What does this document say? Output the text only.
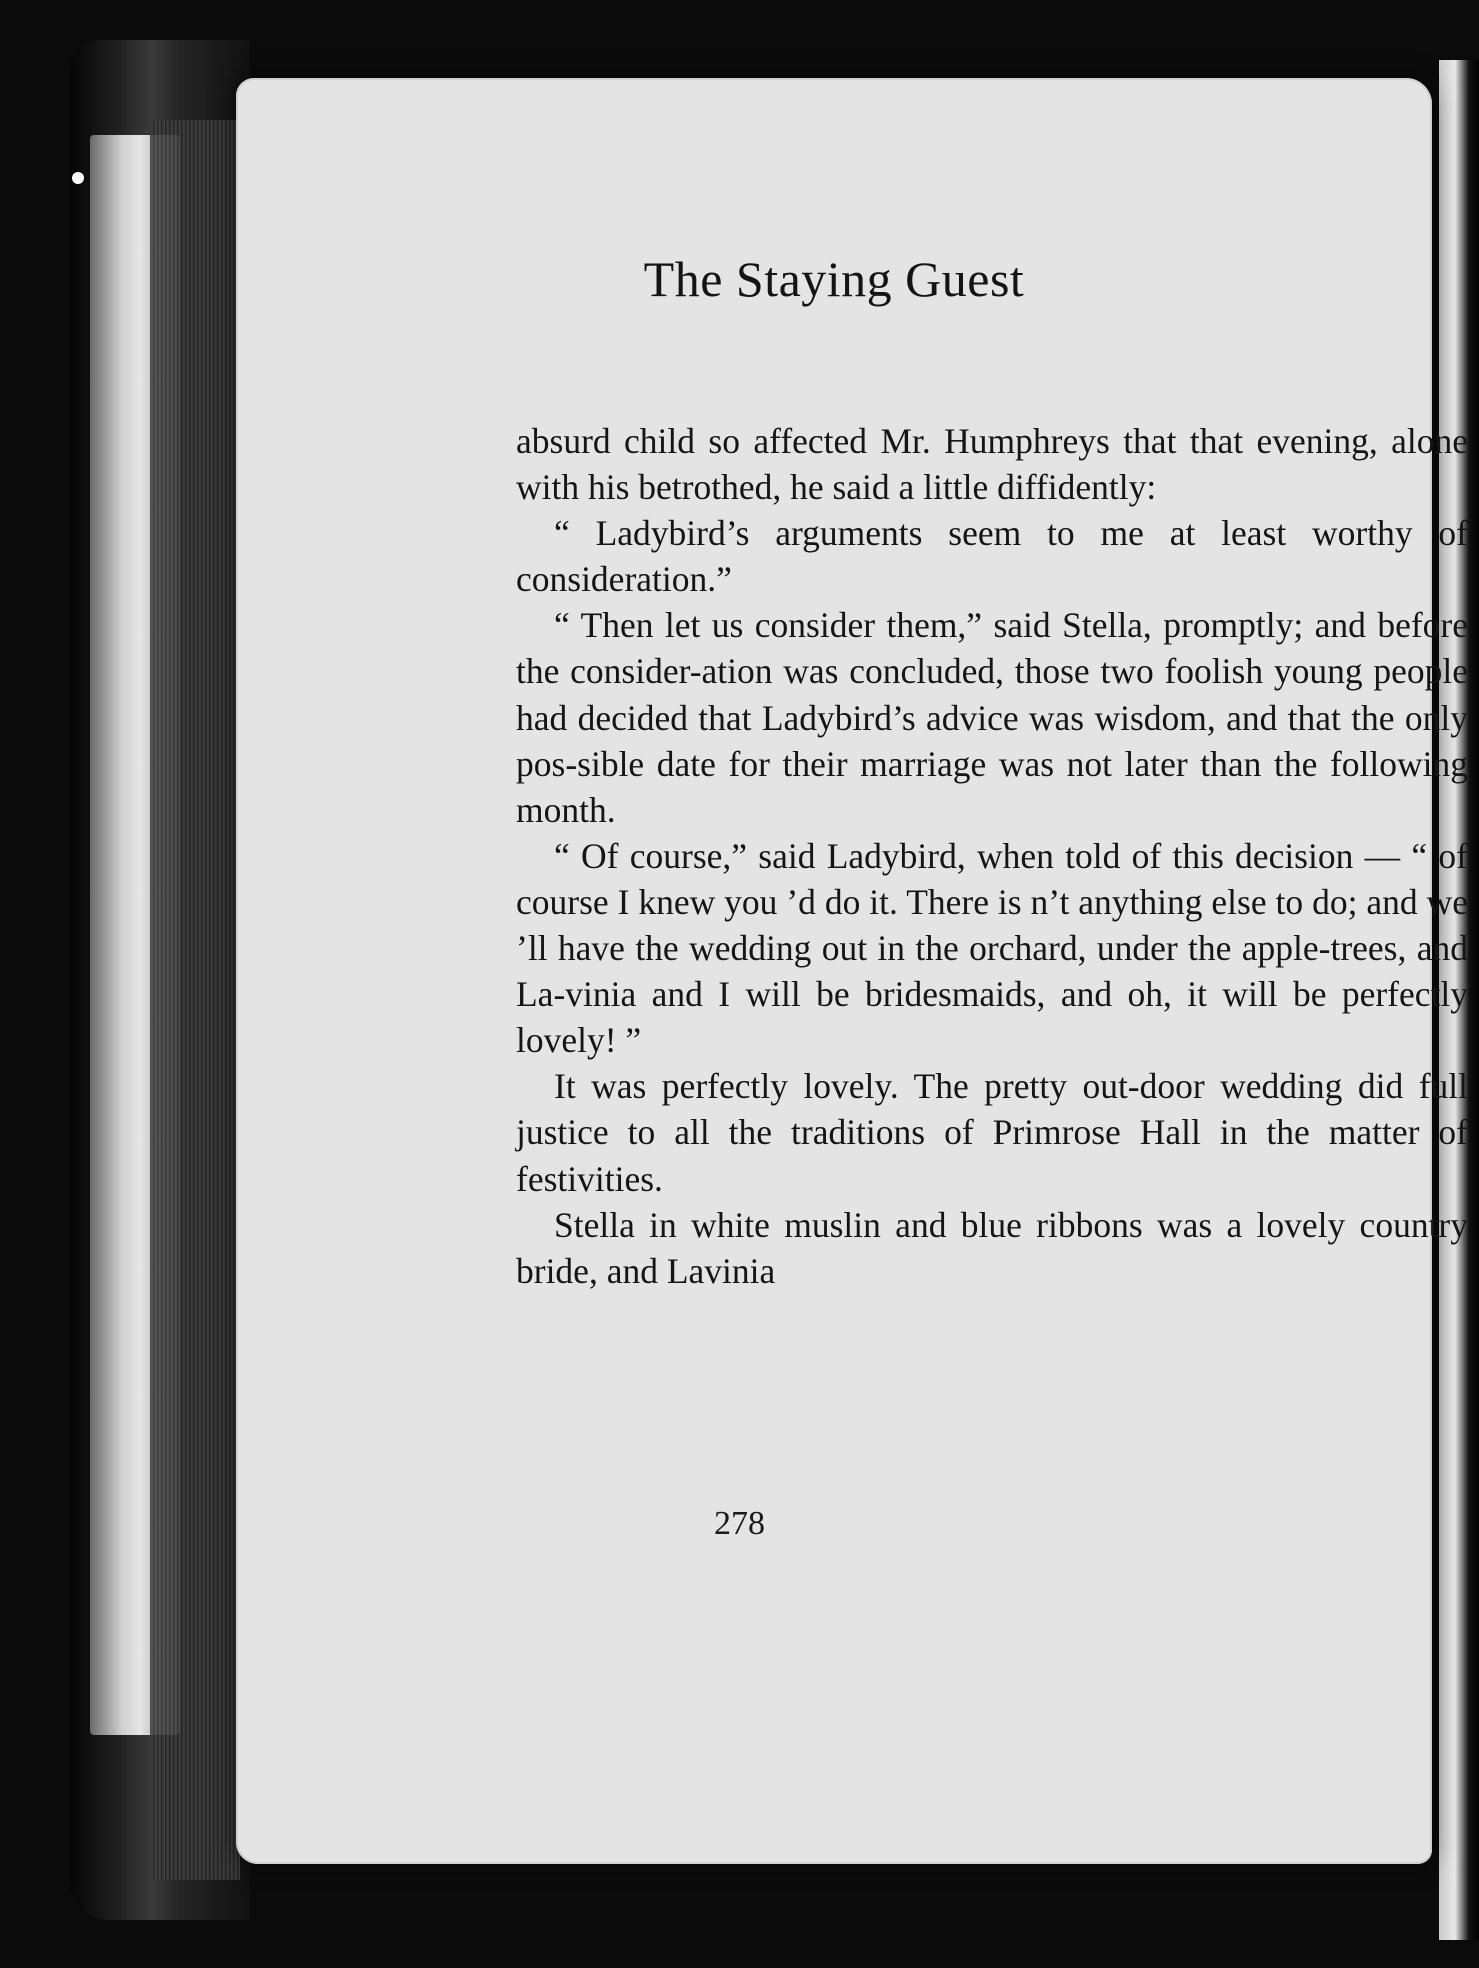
The Staying Guest

absurd child so affected Mr. Humphreys that that evening, alone with his betrothed, he said a little diffidently:

“ Ladybird’s arguments seem to me at least worthy of consideration.”

“ Then let us consider them,” said Stella, promptly; and before the consider-ation was concluded, those two foolish young people had decided that Ladybird’s advice was wisdom, and that the only pos-sible date for their marriage was not later than the following month.

“ Of course,” said Ladybird, when told of this decision — “ of course I knew you ’d do it. There is n’t anything else to do; and we ’ll have the wedding out in the orchard, under the apple-trees, and La-vinia and I will be bridesmaids, and oh, it will be perfectly lovely! ”

It was perfectly lovely. The pretty out-door wedding did full justice to all the traditions of Primrose Hall in the matter of festivities.

Stella in white muslin and blue ribbons was a lovely country bride, and Lavinia

278
